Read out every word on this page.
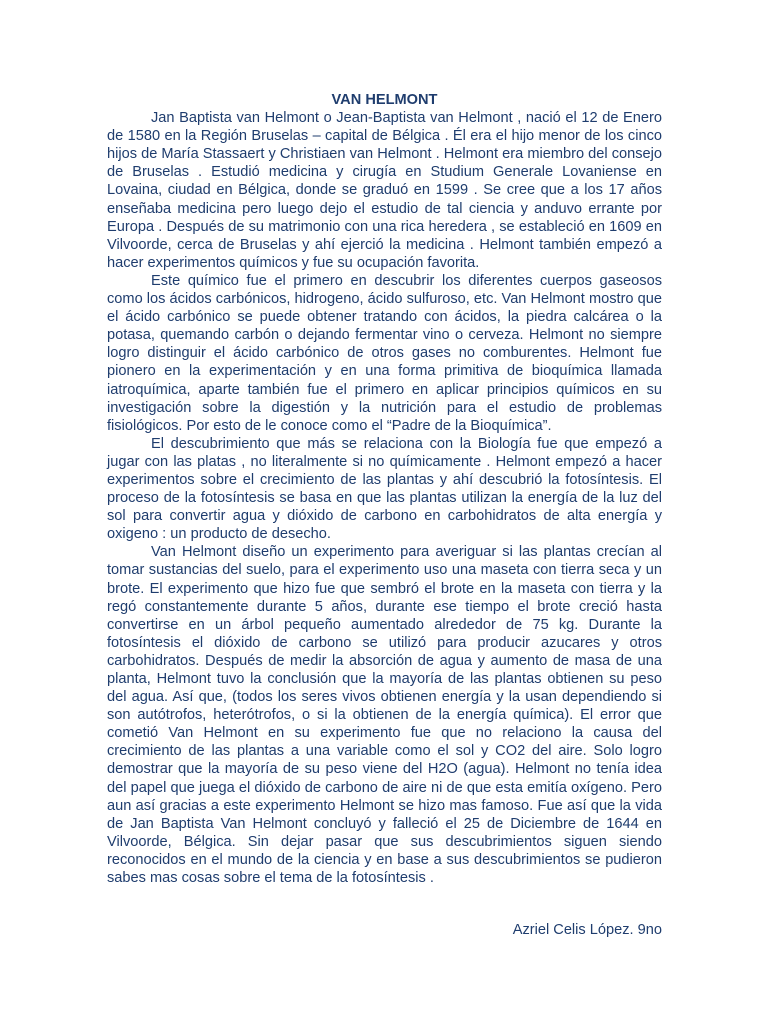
VAN HELMONT

Jan Baptista van Helmont o Jean-Baptista van Helmont , nació el 12 de Enero de 1580 en la Región Bruselas – capital de Bélgica . Él era el hijo menor de los cinco hijos de María Stassaert y Christiaen van Helmont . Helmont era miembro del consejo de Bruselas . Estudió medicina y cirugía en Studium Generale Lovaniense en Lovaina, ciudad en Bélgica, donde se graduó en 1599 . Se cree que a los 17 años enseñaba medicina pero luego dejo el estudio de tal ciencia y anduvo errante por Europa . Después de su matrimonio con una rica heredera , se estableció en 1609 en Vilvoorde, cerca de Bruselas y ahí ejerció la medicina . Helmont también empezó a hacer experimentos químicos y fue su ocupación favorita.

Este químico fue el primero en descubrir los diferentes cuerpos gaseosos como los ácidos carbónicos, hidrogeno, ácido sulfuroso, etc. Van Helmont mostro que el ácido carbónico se puede obtener tratando con ácidos, la piedra calcárea o la potasa, quemando carbón o dejando fermentar vino o cerveza. Helmont no siempre logro distinguir el ácido carbónico de otros gases no comburentes. Helmont fue pionero en la experimentación y en una forma primitiva de bioquímica llamada iatroquímica, aparte también fue el primero en aplicar principios químicos en su investigación sobre la digestión y la nutrición para el estudio de problemas fisiológicos. Por esto de le conoce como el “Padre de la Bioquímica”.

El descubrimiento que más se relaciona con la Biología fue que empezó a jugar con las platas , no literalmente si no químicamente . Helmont empezó a hacer experimentos sobre el crecimiento de las plantas y ahí descubrió la fotosíntesis. El proceso de la fotosíntesis se basa en que las plantas utilizan la energía de la luz del sol para convertir agua y dióxido de carbono en carbohidratos de alta energía y oxigeno : un producto de desecho.

Van Helmont diseño un experimento para averiguar si las plantas crecían al tomar sustancias del suelo, para el experimento uso una maseta con tierra seca y un brote. El experimento que hizo fue que sembró el brote en la maseta con tierra y la regó constantemente durante 5 años, durante ese tiempo el brote creció hasta convertirse en un árbol pequeño aumentado alrededor de 75 kg. Durante la fotosíntesis el dióxido de carbono se utilizó para producir azucares y otros carbohidratos. Después de medir la absorción de agua y aumento de masa de una planta, Helmont tuvo la conclusión que la mayoría de las plantas obtienen su peso del agua. Así que, (todos los seres vivos obtienen energía y la usan dependiendo si son autótrofos, heterótrofos, o si la obtienen de la energía química). El error que cometió Van Helmont en su experimento fue que no relaciono la causa del crecimiento de las plantas a una variable como el sol y CO2 del aire. Solo logro demostrar que la mayoría de su peso viene del H2O (agua). Helmont no tenía idea del papel que juega el dióxido de carbono de aire ni de que esta emitía oxígeno. Pero aun así gracias a este experimento Helmont se hizo mas famoso. Fue así que la vida de Jan Baptista Van Helmont concluyó y falleció el 25 de Diciembre de 1644 en Vilvoorde, Bélgica. Sin dejar pasar que sus descubrimientos siguen siendo reconocidos en el mundo de la ciencia y en base a sus descubrimientos se pudieron sabes mas cosas sobre el tema de la fotosíntesis .

Azriel Celis López. 9no
